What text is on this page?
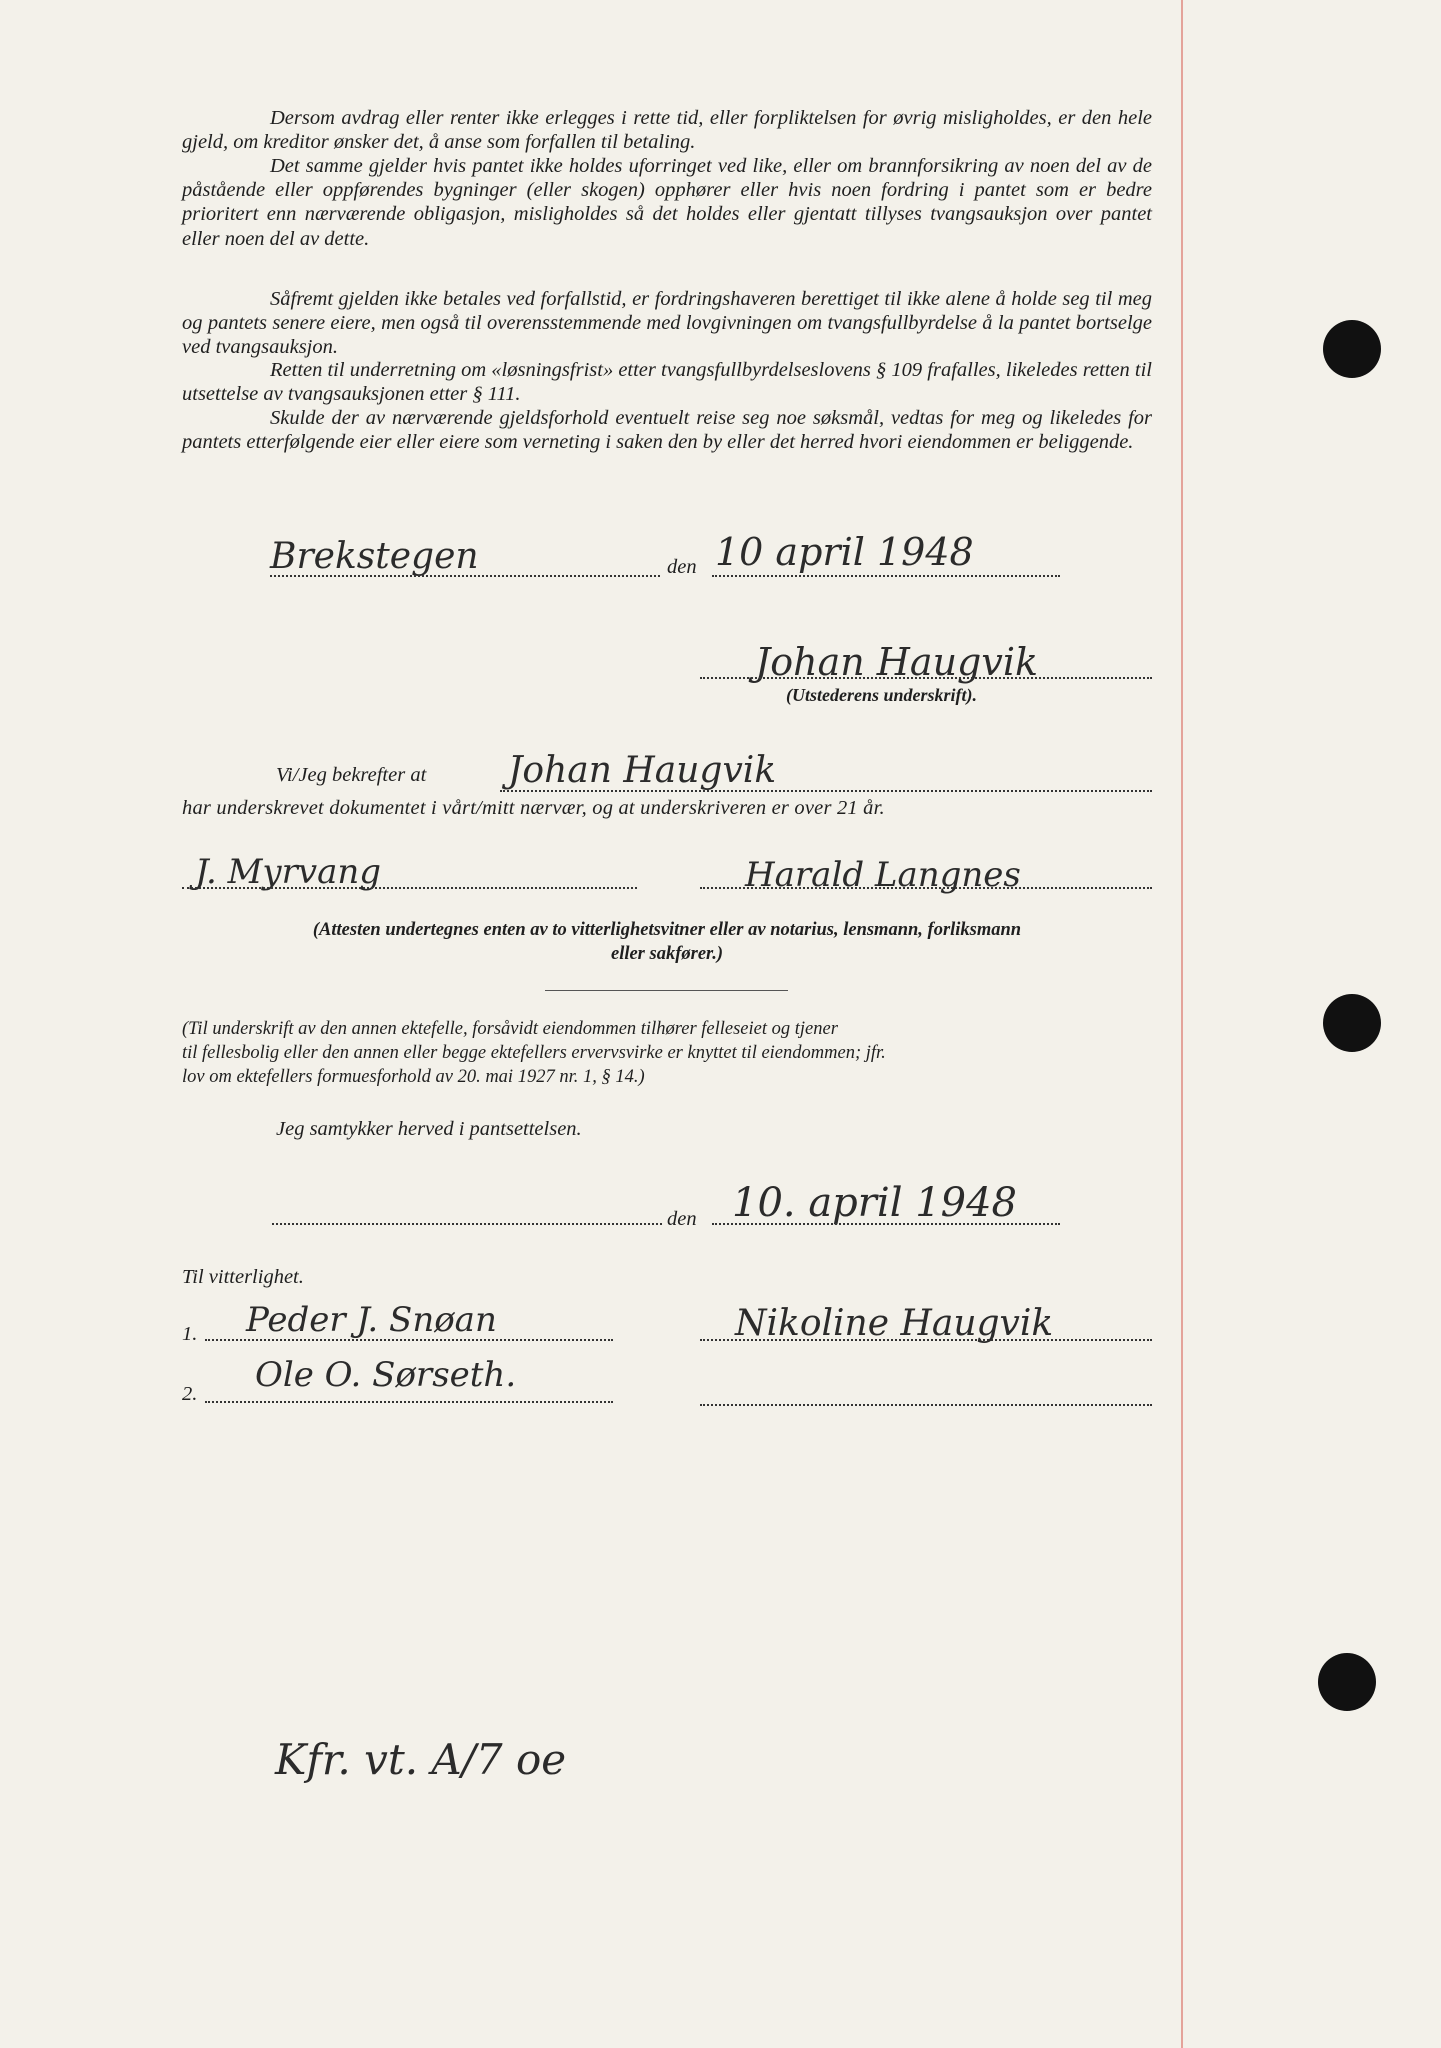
Dersom avdrag eller renter ikke erlegges i rette tid, eller forpliktelsen for øvrig misligholdes, er den hele gjeld, om kreditor ønsker det, å anse som forfallen til betaling.
Det samme gjelder hvis pantet ikke holdes uforringet ved like, eller om brannforsikring av noen del av de påstående eller oppførendes bygninger (eller skogen) opphører eller hvis noen fordring i pantet som er bedre prioritert enn nærværende obligasjon, misligholdes så det holdes eller gjentatt tillyses tvangsauksjon over pantet eller noen del av dette.
Såfremt gjelden ikke betales ved forfallstid, er fordringshaveren berettiget til ikke alene å holde seg til meg og pantets senere eiere, men også til overensstemmende med lovgivningen om tvangsfullbyrdelse å la pantet bortselge ved tvangsauksjon.
Retten til underretning om «løsningsfrist» etter tvangsfullbyrdelseslovens § 109 frafalles, likeledes retten til utsettelse av tvangsauksjonen etter § 111.
Skulde der av nærværende gjeldsforhold eventuelt reise seg noe søksmål, vedtas for meg og likeledes for pantets etterfølgende eier eller eiere som verneting i saken den by eller det herred hvori eiendommen er beliggende.
Brekstegen	den 10 april 1948
Johan Haugvik
(Utstederens underskrift).
Vi/Jeg bekrefter at Johan Haugvik
har underskrevet dokumentet i vårt/mitt nærvær, og at underskriveren er over 21 år.
J. Myrvang	Harald Langnes
(Attesten undertegnes enten av to vitterlighetsvitner eller av notarius, lensmann, forliksmann
eller sakfører.)
(Til underskrift av den annen ektefelle, forsåvidt eiendommen tilhører felleseiet og tjener
til fellesbolig eller den annen eller begge ektefellers ervervsvirke er knyttet til eiendommen; jfr.
lov om ektefellers formuesforhold av 20. mai 1927 nr. 1, § 14.)
Jeg samtykker herved i pantsettelsen.
den 10. april 1948
Til vitterlighet.
1. Peder J. Snøan	Nikoline Haugvik
2. Ole O. Sørseth.
Kfr. vt. A/7 oe
